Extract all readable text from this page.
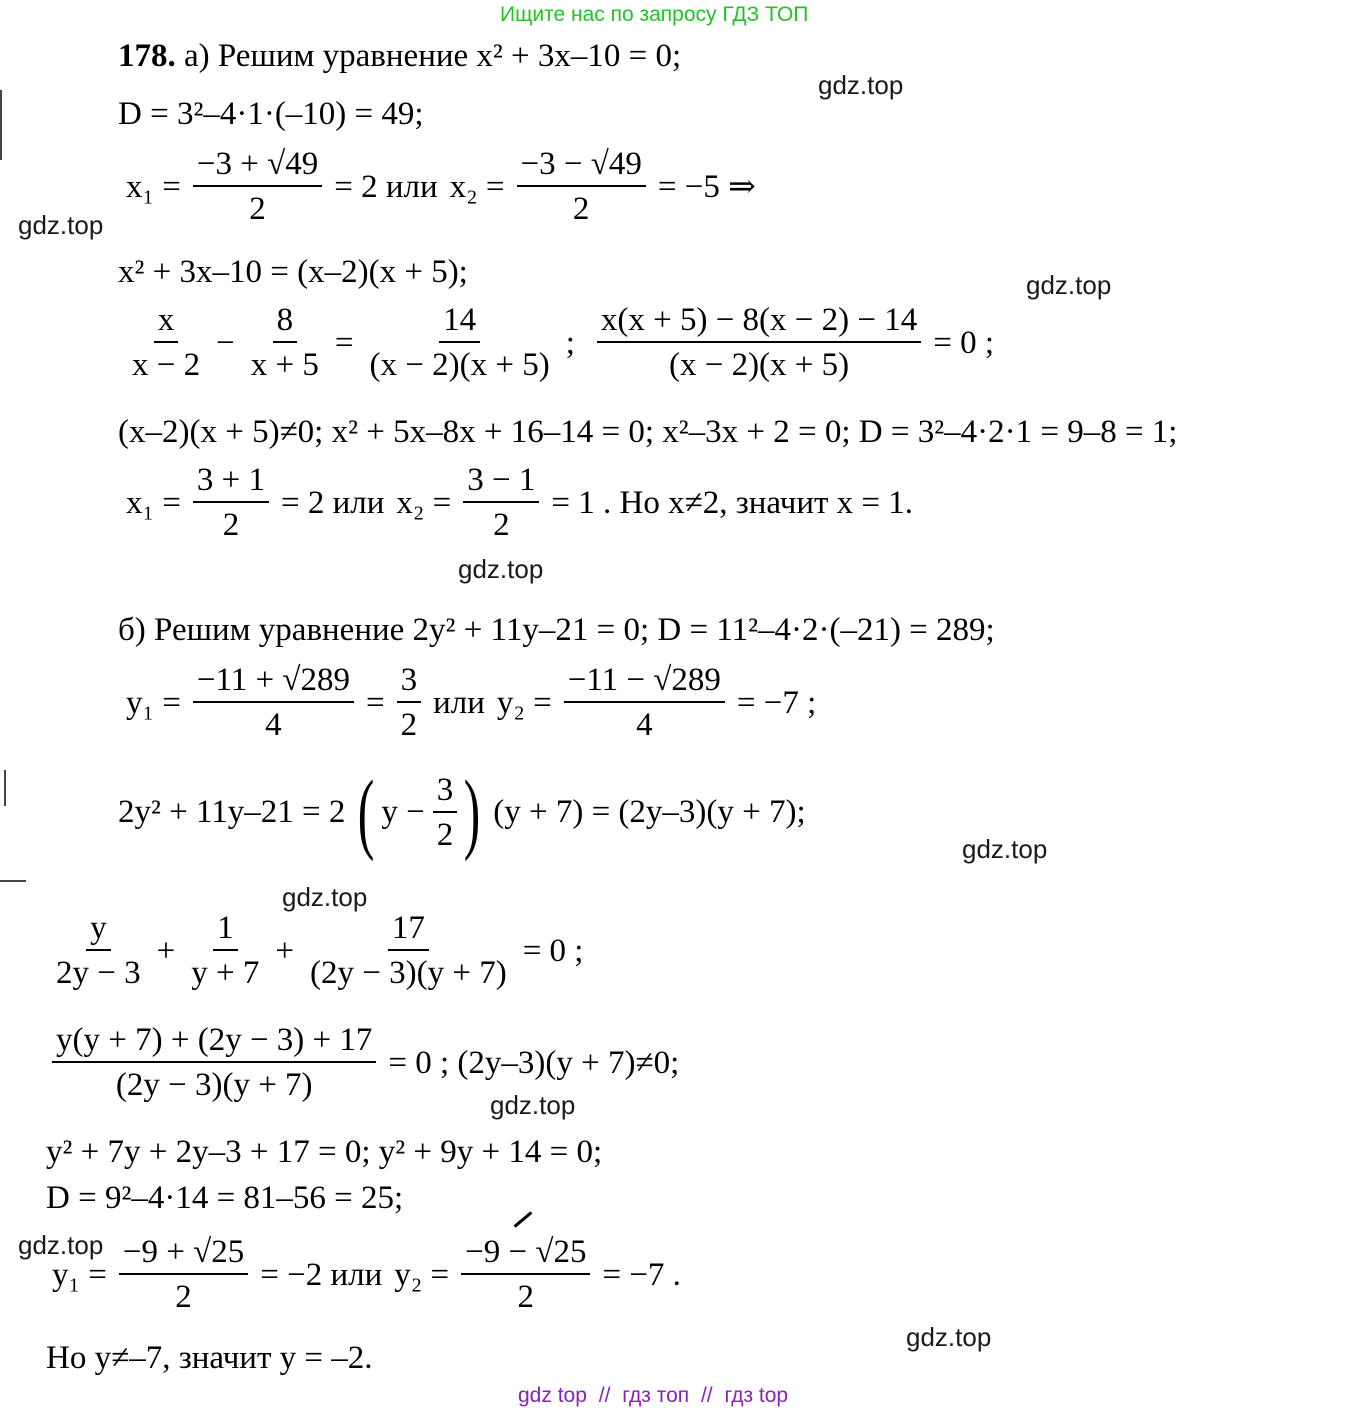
Ищите нас по запросу ГДЗ ТОП
gdz.top
gdz.top
gdz.top
gdz.top
gdz.top
gdz.top
gdz.top
gdz.top
gdz.top
178. а) Решим уравнение x² + 3x–10 = 0;
D = 3²–4·1·(–10) = 49;
$x_1 = \frac{-3 + √49}{2} = 2$ или $x_2 = \frac{-3 - √49}{2} = -5$ ⇒
x² + 3x–10 = (x–2)(x + 5);
$\frac{x}{x - 2} - \frac{8}{x + 5} = \frac{14}{(x - 2)(x + 5)}$ ; $\frac{x(x + 5) - 8(x - 2) - 14}{(x - 2)(x + 5)} = 0$ ;
(x–2)(x + 5)≠0; x² + 5x–8x + 16–14 = 0; x²–3x + 2 = 0; D = 3²–4·2·1 = 9–8 = 1;
$x_1 = \frac{3 + 1}{2} = 2$ или $x_2 = \frac{3 - 1}{2} = 1$ . Но x≠2, значит x = 1.
б) Решим уравнение 2y² + 11y–21 = 0; D = 11²–4·2·(–21) = 289;
$y_1 = \frac{-11 + √289}{4} = \frac{3}{2}$ или $y_2 = \frac{-11 - √289}{4} = -7$ ;
2y² + 11y–21 = 2 ( $y - \frac{3}{2}$ ) (y + 7) = (2y–3)(y + 7);
$\frac{y}{2y - 3} + \frac{1}{y + 7} + \frac{17}{(2y - 3)(y + 7)} = 0$ ;
$\frac{y(y + 7) + (2y - 3) + 17}{(2y - 3)(y + 7)} = 0$ ; (2y–3)(y + 7)≠0;
y² + 7y + 2y–3 + 17 = 0; y² + 9y + 14 = 0;
D = 9²–4·14 = 81–56 = 25;
$y_1 = \frac{-9 + √25}{2} = -2$ или $y_2 = \frac{-9 - √25}{2} = -7$ .
Но y≠–7, значит y = –2.
gdz top // гдз топ // гдз top
